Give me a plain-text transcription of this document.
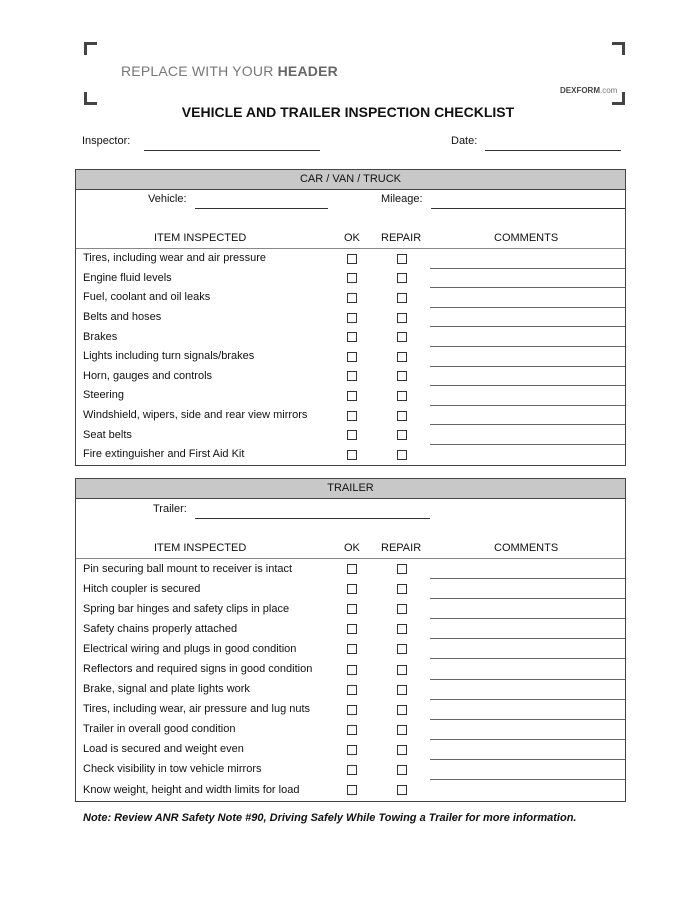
REPLACE WITH YOUR HEADER
DEXFORM.com
VEHICLE AND TRAILER INSPECTION CHECKLIST
Inspector:	Date:
CAR / VAN / TRUCK
Vehicle:	Mileage:
ITEM INSPECTED	OK REPAIR	COMMENTS
Tires, including wear and air pressure
Engine fluid levels
Fuel, coolant and oil leaks
Belts and hoses
Brakes
Lights including turn signals/brakes
Horn, gauges and controls
Steering
Windshield, wipers, side and rear view mirrors
Seat belts
Fire extinguisher and First Aid Kit
TRAILER
Trailer:
ITEM INSPECTED	OK REPAIR	COMMENTS
Pin securing ball mount to receiver is intact
Hitch coupler is secured
Spring bar hinges and safety clips in place
Safety chains properly attached
Electrical wiring and plugs in good condition
Reflectors and required signs in good condition
Brake, signal and plate lights work
Tires, including wear, air pressure and lug nuts
Trailer in overall good condition
Load is secured and weight even
Check visibility in tow vehicle mirrors
Know weight, height and width limits for load
Note: Review ANR Safety Note #90, Driving Safely While Towing a Trailer for more information.
